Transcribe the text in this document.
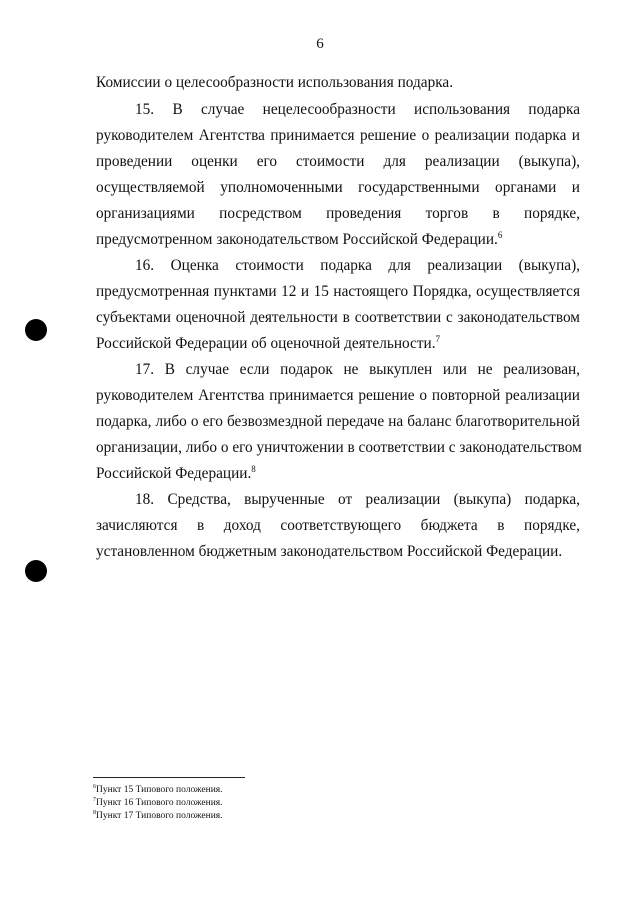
6
Комиссии о целесообразности использования подарка.
15. В случае нецелесообразности использования подарка
руководителем Агентства принимается решение о реализации подарка и
проведении оценки его стоимости для реализации (выкупа),
осуществляемой уполномоченными государственными органами и
организациями посредством проведения торгов в порядке,
предусмотренном законодательством Российской Федерации.$^6$
16. Оценка стоимости подарка для реализации (выкупа),
предусмотренная пунктами 12 и 15 настоящего Порядка, осуществляется
субъектами оценочной деятельности в соответствии с законодательством
Российской Федерации об оценочной деятельности.$^7$
17. В случае если подарок не выкуплен или не реализован,
руководителем Агентства принимается решение о повторной реализации
подарка, либо о его безвозмездной передаче на баланс благотворительной
организации, либо о его уничтожении в соответствии с законодательством
Российской Федерации.$^8$
18. Средства, вырученные от реализации (выкупа) подарка,
зачисляются в доход соответствующего бюджета в порядке,
установленном бюджетным законодательством Российской Федерации.
$^6$Пункт 15 Типового положения.
$^7$Пункт 16 Типового положения.
$^8$Пункт 17 Типового положения.
